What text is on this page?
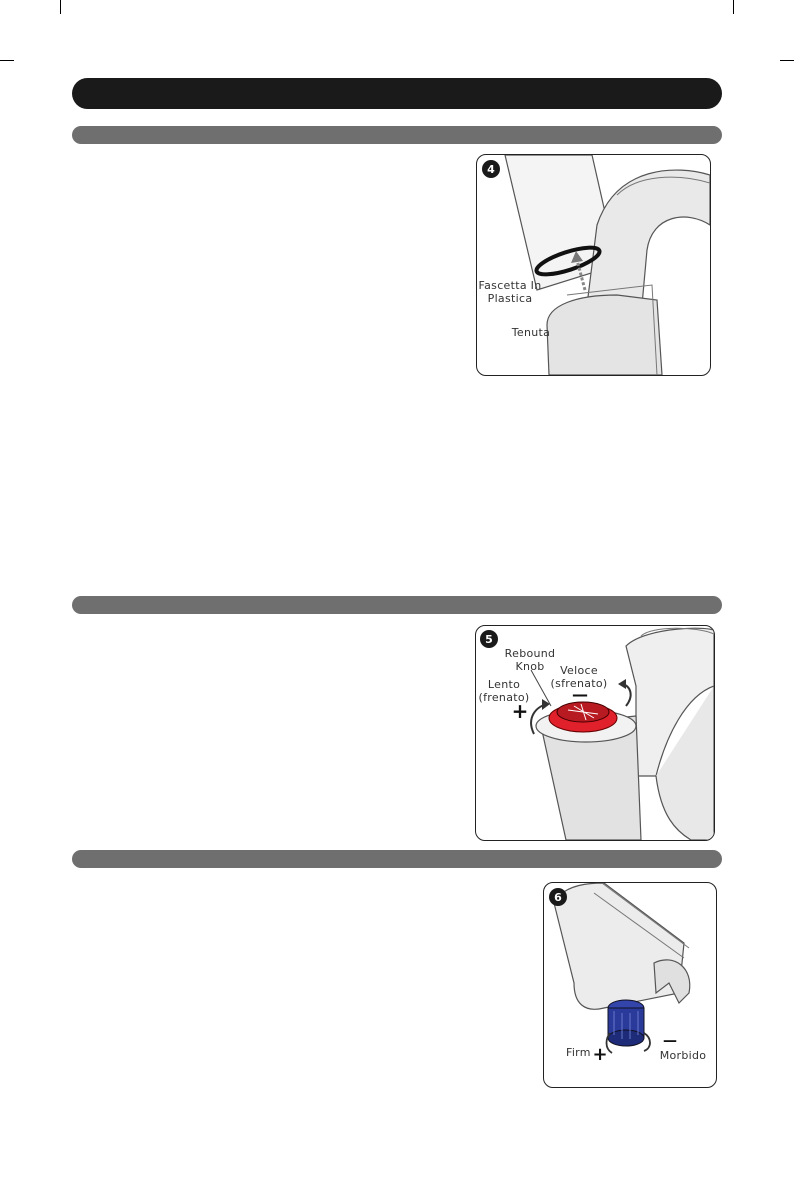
4
Fascetta In
Plastica
Tenuta
5
Rebound
Knob
Lento
(frenato)
Veloce
(sfrenato)
+
—
6
Firm +
—
Morbido
